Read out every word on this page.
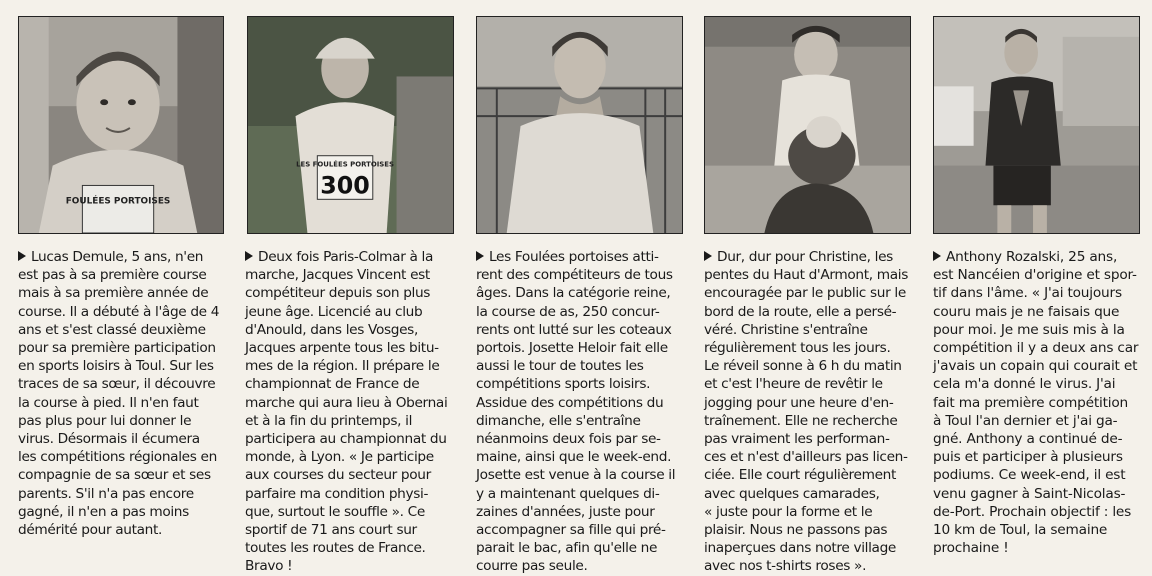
FOULÉES PORTOISES
LES FOULÉES PORTOISES
300

Lucas Demule, 5 ans, n'en

est pas à sa première course

mais à sa première année de

course. Il a débuté à l'âge de 4

ans et s'est classé deuxième

pour sa première participation

en sports loisirs à Toul. Sur les

traces de sa sœur, il découvre

la course à pied. Il n'en faut

pas plus pour lui donner le

virus. Désormais il écumera

les compétitions régionales en

compagnie de sa sœur et ses

parents. S'il n'a pas encore

gagné, il n'en a pas moins

démérité pour autant.

Deux fois Paris-Colmar à la

marche, Jacques Vincent est

compétiteur depuis son plus

jeune âge. Licencié au club

d'Anould, dans les Vosges,

Jacques arpente tous les bitu-

mes de la région. Il prépare le

championnat de France de

marche qui aura lieu à Obernai

et à la fin du printemps, il

participera au championnat du

monde, à Lyon. « Je participe

aux courses du secteur pour

parfaire ma condition physi-

que, surtout le souffle ». Ce

sportif de 71 ans court sur

toutes les routes de France.

Bravo !

Les Foulées portoises atti-

rent des compétiteurs de tous

âges. Dans la catégorie reine,

la course de as, 250 concur-

rents ont lutté sur les coteaux

portois. Josette Heloir fait elle

aussi le tour de toutes les

compétitions sports loisirs.

Assidue des compétitions du

dimanche, elle s'entraîne

néanmoins deux fois par se-

maine, ainsi que le week-end.

Josette est venue à la course il

y a maintenant quelques di-

zaines d'années, juste pour

accompagner sa fille qui pré-

parait le bac, afin qu'elle ne

courre pas seule.

Dur, dur pour Christine, les

pentes du Haut d'Armont, mais

encouragée par le public sur le

bord de la route, elle a persé-

véré. Christine s'entraîne

régulièrement tous les jours.

Le réveil sonne à 6 h du matin

et c'est l'heure de revêtir le

jogging pour une heure d'en-

traînement. Elle ne recherche

pas vraiment les performan-

ces et n'est d'ailleurs pas licen-

ciée. Elle court régulièrement

avec quelques camarades,

« juste pour la forme et le

plaisir. Nous ne passons pas

inaperçues dans notre village

avec nos t-shirts roses ».

Anthony Rozalski, 25 ans,

est Nancéien d'origine et spor-

tif dans l'âme. « J'ai toujours

couru mais je ne faisais que

pour moi. Je me suis mis à la

compétition il y a deux ans car

j'avais un copain qui courait et

cela m'a donné le virus. J'ai

fait ma première compétition

à Toul l'an dernier et j'ai ga-

gné. Anthony a continué de-

puis et participer à plusieurs

podiums. Ce week-end, il est

venu gagner à Saint-Nicolas-

de-Port. Prochain objectif : les

10 km de Toul, la semaine

prochaine !
